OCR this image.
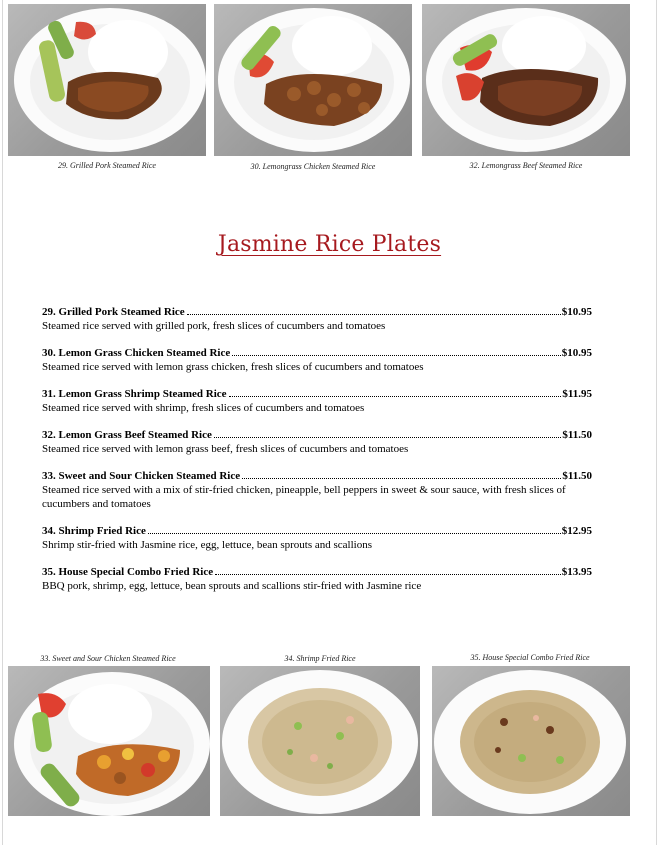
29. Grilled Pork Steamed Rice	30. Lemongrass Chicken Steamed Rice	32. Lemongrass Beef Steamed Rice
Jasmine Rice Plates
29. Grilled Pork Steamed Rice	$10.95
Steamed rice served with grilled pork, fresh slices of cucumbers and tomatoes
30. Lemon Grass Chicken Steamed Rice	$10.95
Steamed rice served with lemon grass chicken, fresh slices of cucumbers and tomatoes
31. Lemon Grass Shrimp Steamed Rice	$11.95
Steamed rice served with shrimp, fresh slices of cucumbers and tomatoes
32. Lemon Grass Beef Steamed Rice	$11.50
Steamed rice served with lemon grass beef, fresh slices of cucumbers and tomatoes
33. Sweet and Sour Chicken Steamed Rice	$11.50
Steamed rice served with a mix of stir-fried chicken, pineapple, bell peppers in sweet & sour sauce, with fresh slices of cucumbers and tomatoes
34. Shrimp Fried Rice	$12.95
Shrimp stir-fried with Jasmine rice, egg, lettuce, bean sprouts and scallions
35. House Special Combo Fried Rice	$13.95
BBQ pork, shrimp, egg, lettuce, bean sprouts and scallions stir-fried with Jasmine rice
33. Sweet and Sour Chicken Steamed Rice	34. Shrimp Fried Rice	35. House Special Combo Fried Rice
